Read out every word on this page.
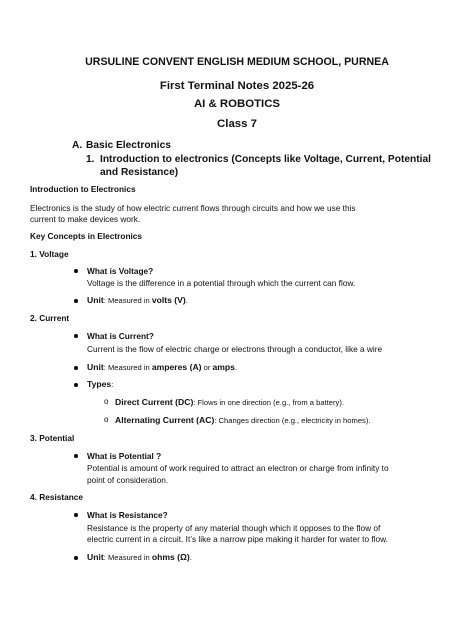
URSULINE CONVENT ENGLISH MEDIUM SCHOOL, PURNEA
First Terminal Notes 2025-26
AI & ROBOTICS
Class 7
A. Basic Electronics
1. Introduction to electronics (Concepts like Voltage, Current, Potential
and Resistance)
Introduction to Electronics
Electronics is the study of how electric current flows through circuits and how we use this
current to make devices work.
Key Concepts in Electronics
1. Voltage
What is Voltage?
Voltage is the difference in a potential through which the current can flow.
Unit: Measured in volts (V).
2. Current
What is Current?
Current is the flow of electric charge or electrons through a conductor, like a wire
Unit: Measured in amperes (A) or amps.
Types:
o Direct Current (DC): Flows in one direction (e.g., from a battery).
o Alternating Current (AC): Changes direction (e.g., electricity in homes).
3. Potential
What is Potential ?
Potential is amount of work required to attract an electron or charge from infinity to
point of consideration.
4. Resistance
What is Resistance?
Resistance is the property of any material though which it opposes to the flow of
electric current in a circuit. It’s like a narrow pipe making it harder for water to flow.
Unit: Measured in ohms (Ω).
